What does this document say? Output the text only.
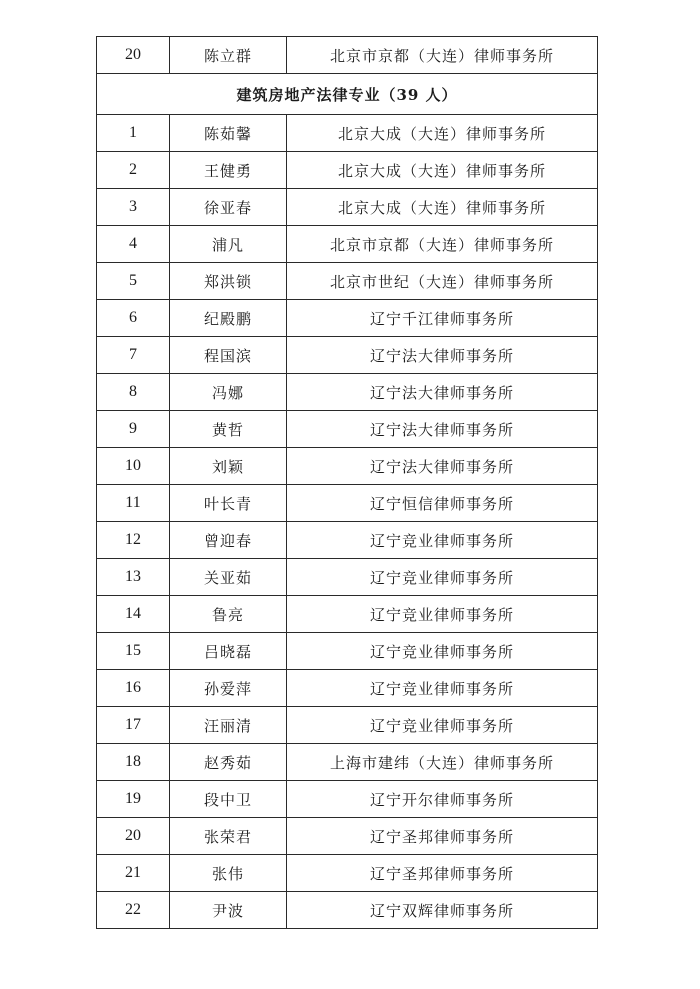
20	陈立群	北京市京都（大连）律师事务所
建筑房地产法律专业（39 人）		
1	陈茹馨	北京大成（大连）律师事务所
2	王健勇	北京大成（大连）律师事务所
3	徐亚春	北京大成（大连）律师事务所
4	浦凡	北京市京都（大连）律师事务所
5	郑洪锁	北京市世纪（大连）律师事务所
6	纪殿鹏	辽宁千江律师事务所
7	程国滨	辽宁法大律师事务所
8	冯娜	辽宁法大律师事务所
9	黄哲	辽宁法大律师事务所
10	刘颖	辽宁法大律师事务所
11	叶长青	辽宁恒信律师事务所
12	曾迎春	辽宁竞业律师事务所
13	关亚茹	辽宁竞业律师事务所
14	鲁亮	辽宁竞业律师事务所
15	吕晓磊	辽宁竞业律师事务所
16	孙爱萍	辽宁竞业律师事务所
17	汪丽清	辽宁竞业律师事务所
18	赵秀茹	上海市建纬（大连）律师事务所
19	段中卫	辽宁开尔律师事务所
20	张荣君	辽宁圣邦律师事务所
21	张伟	辽宁圣邦律师事务所
22	尹波	辽宁双辉律师事务所
